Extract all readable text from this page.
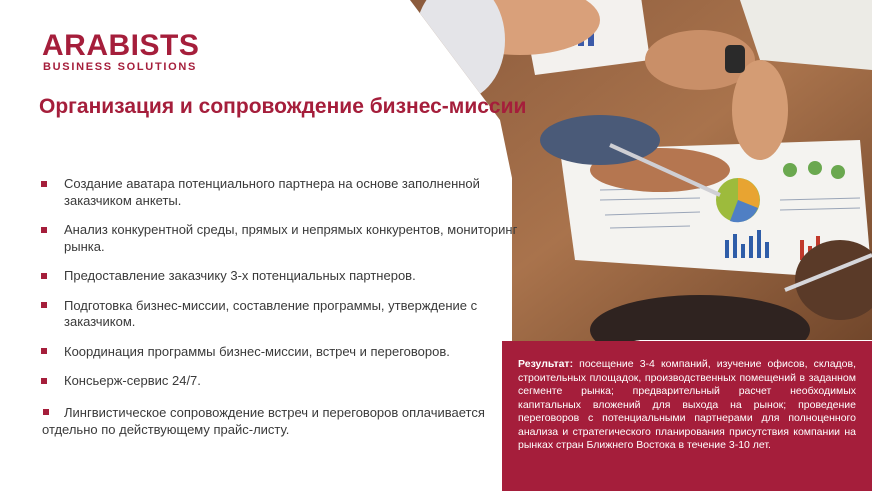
ARABISTS
BUSINESS SOLUTIONS
Организация и сопровождение бизнес-миссии
Создание аватара потенциального партнера на основе заполненной заказчиком анкеты.
Анализ конкурентной среды, прямых и непрямых конкурентов, мониторинг рынка.
Предоставление заказчику 3-х потенциальных партнеров.
Подготовка бизнес-миссии, составление программы, утверждение с заказчиком.
Координация программы бизнес-миссии, встреч и переговоров.
Консьерж-сервис 24/7.
Лингвистическое сопровождение встреч и переговоров оплачивается отдельно по действующему прайс-листу.

Результат: посещение 3-4 компаний, изучение офисов, складов, строительных площадок, производственных помещений в заданном сегменте рынка; предварительный расчет необходимых капитальных вложений для выхода на рынок; проведение переговоров с потенциальными партнерами для полноценного анализа и стратегического планирования присутствия компании на рынках стран Ближнего Востока в течение 3-10 лет.
